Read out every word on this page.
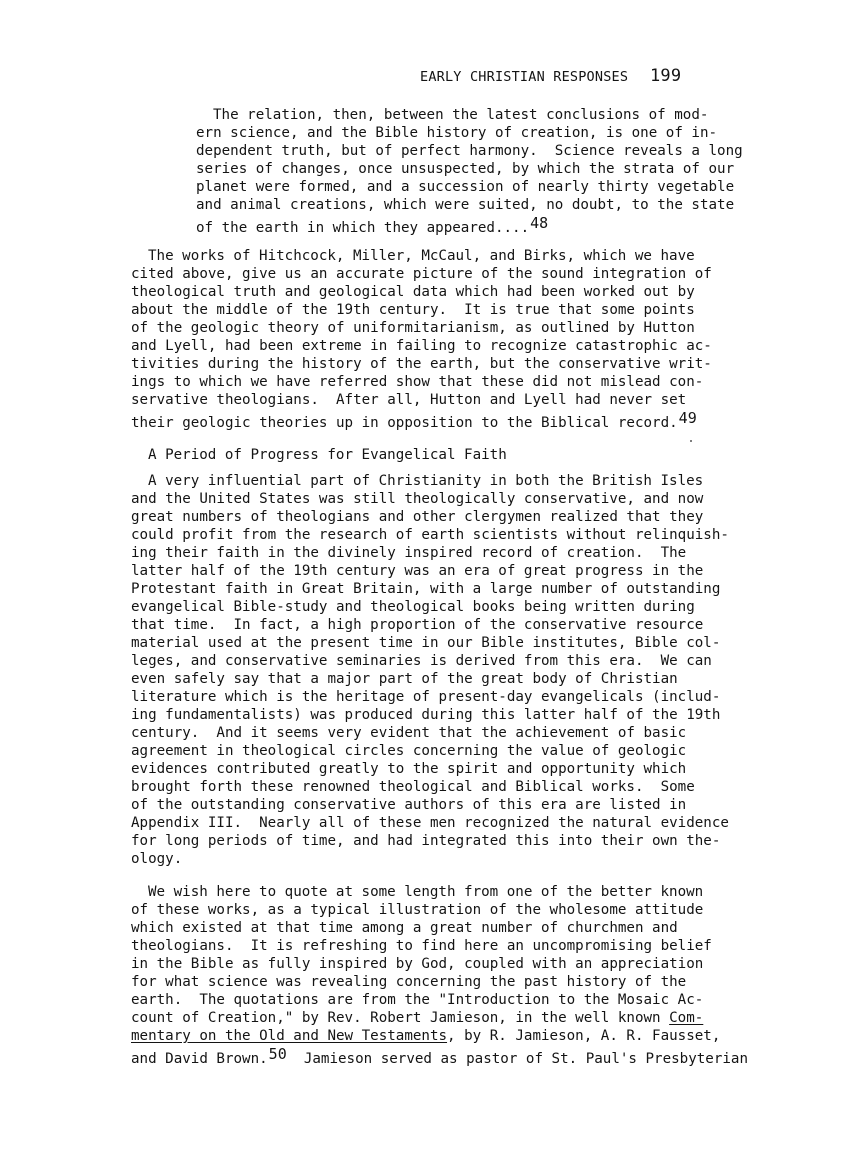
EARLY CHRISTIAN RESPONSES 199
The relation, then, between the latest conclusions of mod-
ern science, and the Bible history of creation, is one of in-
dependent truth, but of perfect harmony.  Science reveals a long
series of changes, once unsuspected, by which the strata of our
planet were formed, and a succession of nearly thirty vegetable
and animal creations, which were suited, no doubt, to the state
of the earth in which they appeared....$^{48}$
The works of Hitchcock, Miller, McCaul, and Birks, which we have
cited above, give us an accurate picture of the sound integration of
theological truth and geological data which had been worked out by
about the middle of the 19th century.  It is true that some points
of the geologic theory of uniformitarianism, as outlined by Hutton
and Lyell, had been extreme in failing to recognize catastrophic ac-
tivities during the history of the earth, but the conservative writ-
ings to which we have referred show that these did not mislead con-
servative theologians.  After all, Hutton and Lyell had never set
their geologic theories up in opposition to the Biblical record.$^{49}$
A Period of Progress for Evangelical Faith
A very influential part of Christianity in both the British Isles
and the United States was still theologically conservative, and now
great numbers of theologians and other clergymen realized that they
could profit from the research of earth scientists without relinquish-
ing their faith in the divinely inspired record of creation.  The
latter half of the 19th century was an era of great progress in the
Protestant faith in Great Britain, with a large number of outstanding
evangelical Bible-study and theological books being written during
that time.  In fact, a high proportion of the conservative resource
material used at the present time in our Bible institutes, Bible col-
leges, and conservative seminaries is derived from this era.  We can
even safely say that a major part of the great body of Christian
literature which is the heritage of present-day evangelicals (includ-
ing fundamentalists) was produced during this latter half of the 19th
century.  And it seems very evident that the achievement of basic
agreement in theological circles concerning the value of geologic
evidences contributed greatly to the spirit and opportunity which
brought forth these renowned theological and Biblical works.  Some
of the outstanding conservative authors of this era are listed in
Appendix III.  Nearly all of these men recognized the natural evidence
for long periods of time, and had integrated this into their own the-
ology.
We wish here to quote at some length from one of the better known
of these works, as a typical illustration of the wholesome attitude
which existed at that time among a great number of churchmen and
theologians.  It is refreshing to find here an uncompromising belief
in the Bible as fully inspired by God, coupled with an appreciation
for what science was revealing concerning the past history of the
earth.  The quotations are from the "Introduction to the Mosaic Ac-
count of Creation," by Rev. Robert Jamieson, in the well known Com-
mentary on the Old and New Testaments, by R. Jamieson, A. R. Fausset,
and David Brown.$^{50}$  Jamieson served as pastor of St. Paul's Presbyterian
